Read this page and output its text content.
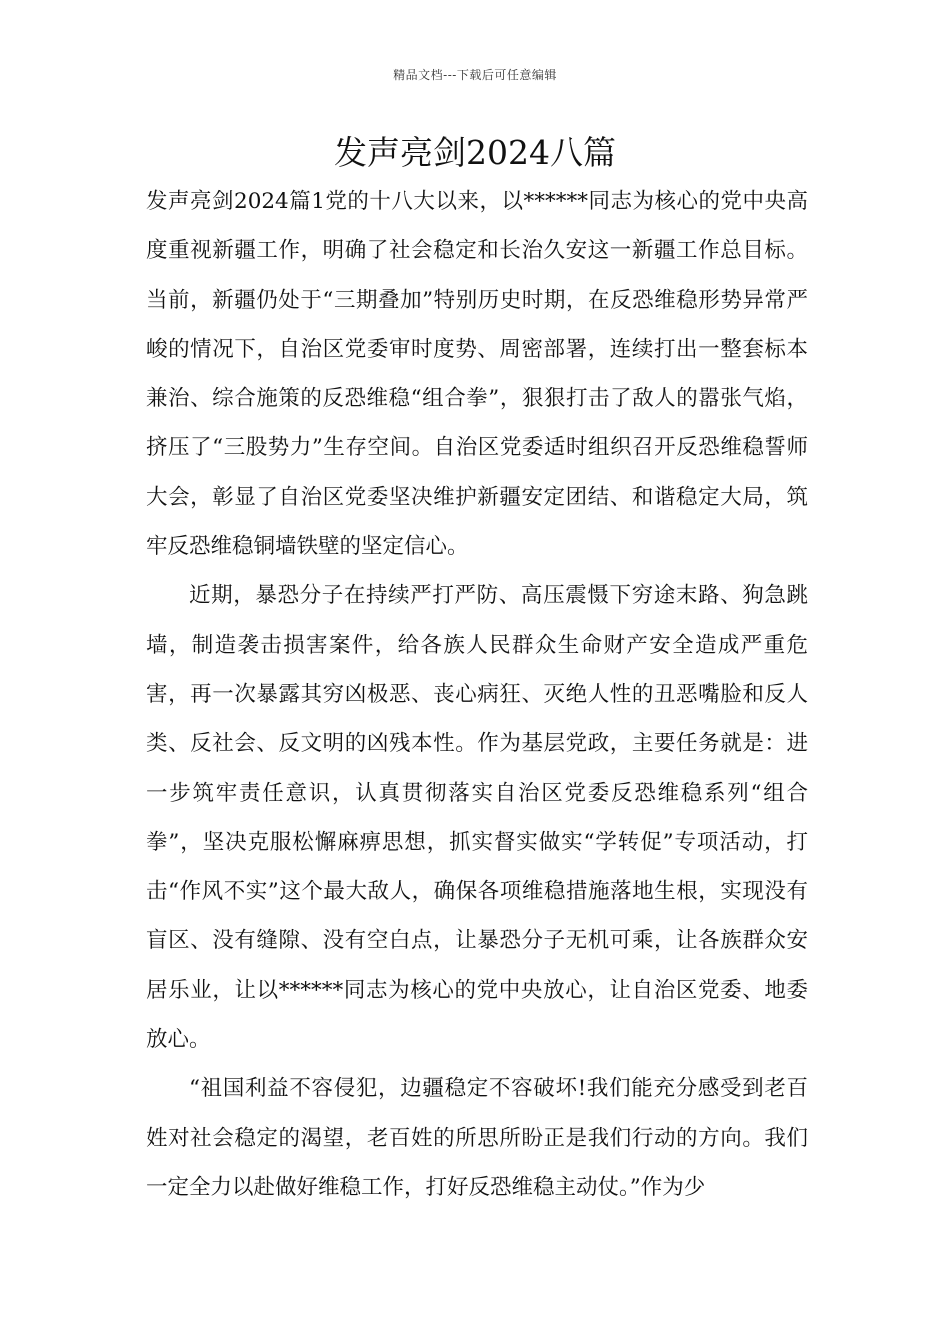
精品文档---下载后可任意编辑
发声亮剑2024八篇

发声亮剑2024篇1党的十八大以来，以******同志为核心的党中央高度重视新疆工作，明确了社会稳定和长治久安这一新疆工作总目标。当前，新疆仍处于“三期叠加”特别历史时期，在反恐维稳形势异常严峻的情况下，自治区党委审时度势、周密部署，连续打出一整套标本兼治、综合施策的反恐维稳“组合拳”，狠狠打击了敌人的嚣张气焰，挤压了“三股势力”生存空间。自治区党委适时组织召开反恐维稳誓师大会，彰显了自治区党委坚决维护新疆安定团结、和谐稳定大局，筑牢反恐维稳铜墙铁壁的坚定信心。

近期，暴恐分子在持续严打严防、高压震慑下穷途末路、狗急跳墙，制造袭击损害案件，给各族人民群众生命财产安全造成严重危害，再一次暴露其穷凶极恶、丧心病狂、灭绝人性的丑恶嘴脸和反人类、反社会、反文明的凶残本性。作为基层党政，主要任务就是：进一步筑牢责任意识，认真贯彻落实自治区党委反恐维稳系列“组合拳”，坚决克服松懈麻痹思想，抓实督实做实“学转促”专项活动，打击“作风不实”这个最大敌人，确保各项维稳措施落地生根，实现没有盲区、没有缝隙、没有空白点，让暴恐分子无机可乘，让各族群众安居乐业，让以******同志为核心的党中央放心，让自治区党委、地委放心。

“祖国利益不容侵犯，边疆稳定不容破坏!我们能充分感受到老百姓对社会稳定的渴望，老百姓的所思所盼正是我们行动的方向。我们一定全力以赴做好维稳工作，打好反恐维稳主动仗。”作为少
